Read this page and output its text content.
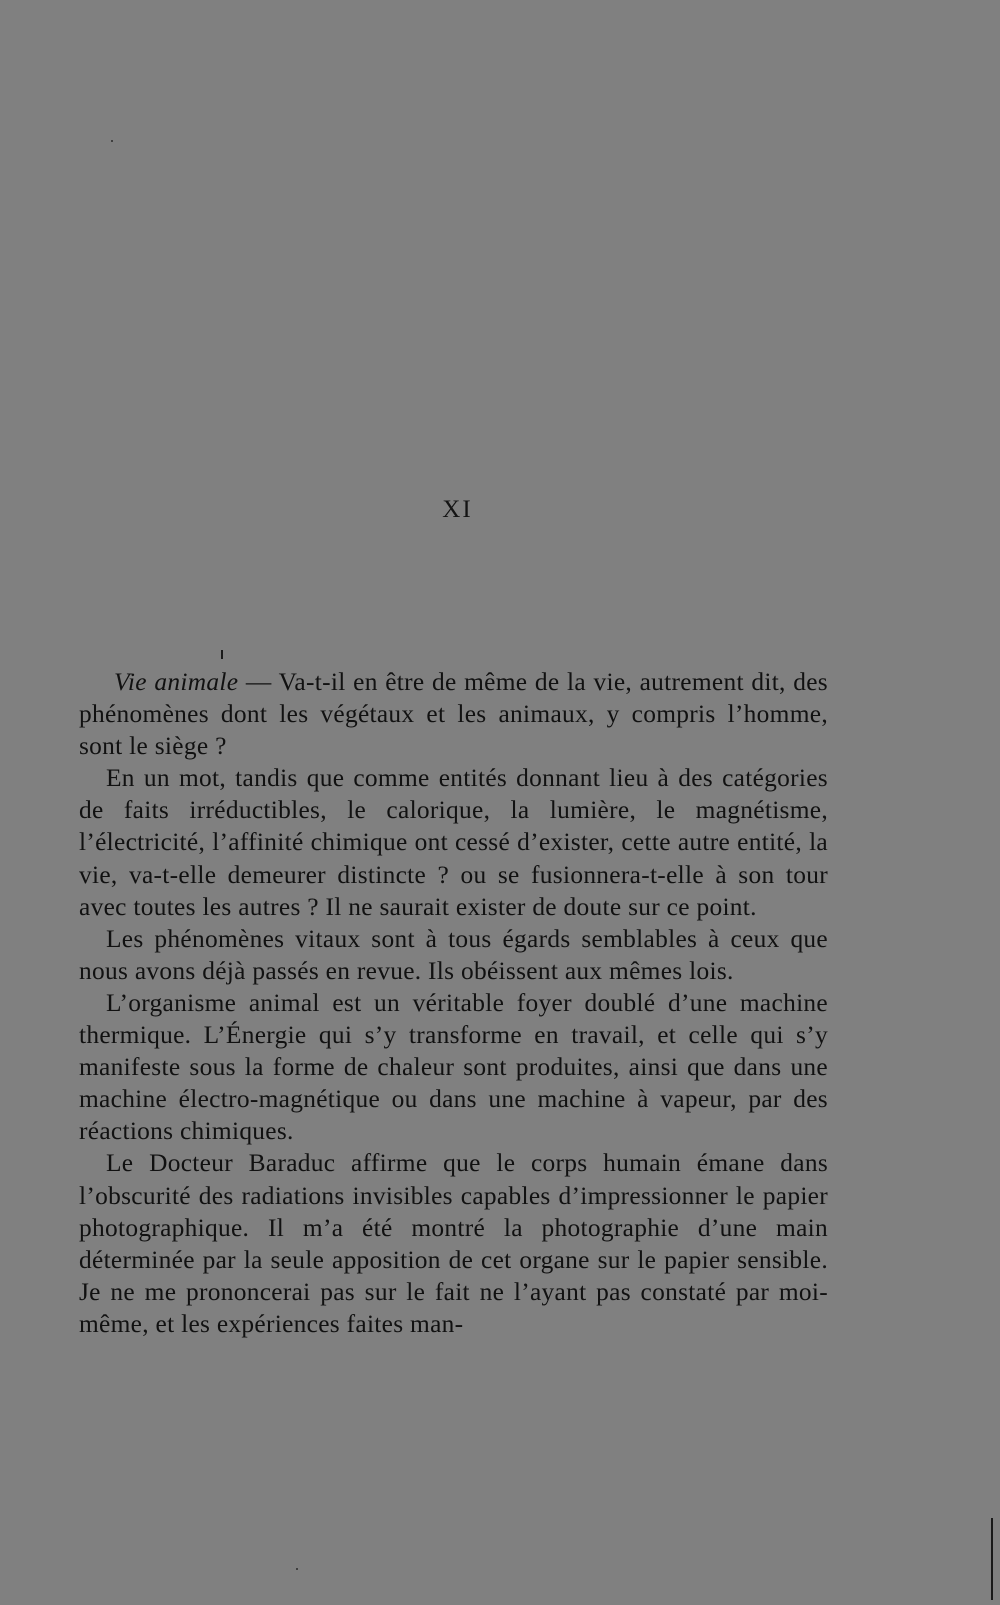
XI

Vie animale — Va-t-il en être de même de la vie, autrement dit, des phénomènes dont les végétaux et les animaux, y compris l’homme, sont le siège ?

En un mot, tandis que comme entités donnant lieu à des catégories de faits irréductibles, le calorique, la lumière, le magnétisme, l’électricité, l’affinité chimique ont cessé d’exister, cette autre entité, la vie, va-t-elle demeurer distincte ? ou se fusionnera-t-elle à son tour avec toutes les autres ? Il ne saurait exister de doute sur ce point.

Les phénomènes vitaux sont à tous égards semblables à ceux que nous avons déjà passés en revue. Ils obéissent aux mêmes lois.

L’organisme animal est un véritable foyer doublé d’une machine thermique. L’Énergie qui s’y transforme en travail, et celle qui s’y manifeste sous la forme de chaleur sont produites, ainsi que dans une machine électro-magnétique ou dans une machine à vapeur, par des réactions chimiques.

Le Docteur Baraduc affirme que le corps humain émane dans l’obscurité des radiations invisibles capables d’impressionner le papier photographique. Il m’a été montré la photographie d’une main déterminée par la seule apposition de cet organe sur le papier sensible. Je ne me prononcerai pas sur le fait ne l’ayant pas constaté par moi-même, et les expériences faites man-
